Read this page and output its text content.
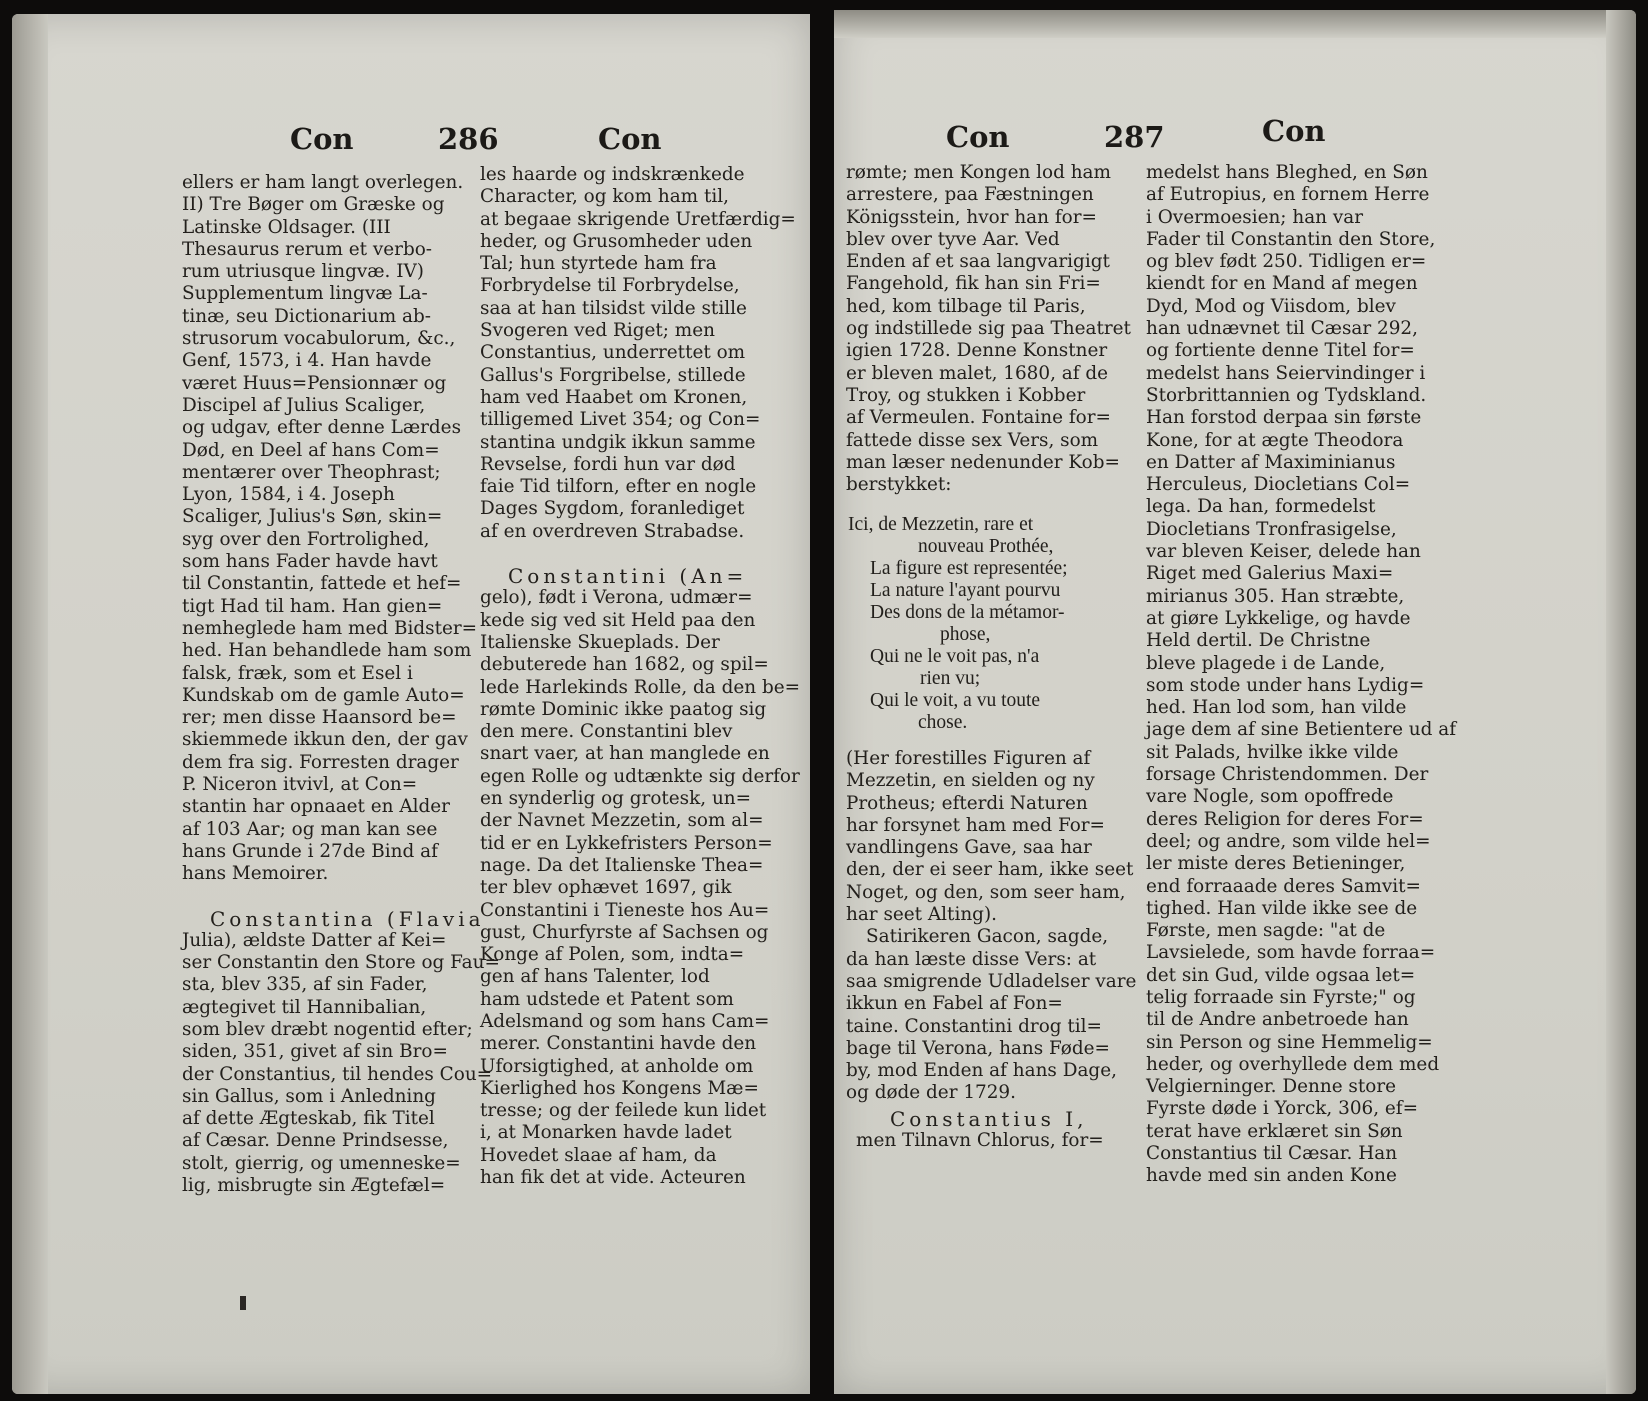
Con	286	Con

ellers er ham langt overlegen.

II) Tre Bøger om Græske og

Latinske Oldsager. (III

Thesaurus rerum et verbo-

rum utriusque lingvæ. IV)

Supplementum lingvæ La-

tinæ, seu Dictionarium ab-

strusorum vocabulorum, &c.,

Genf, 1573, i 4. Han havde

været Huus=Pensionnær og

Discipel af Julius Scaliger,

og udgav, efter denne Lærdes

Død, en Deel af hans Com=

mentærer over Theophrast;

Lyon, 1584, i 4. Joseph

Scaliger, Julius's Søn, skin=

syg over den Fortrolighed,

som hans Fader havde havt

til Constantin, fattede et hef=

tigt Had til ham. Han gien=

nemheglede ham med Bidster=

hed. Han behandlede ham som

falsk, fræk, som et Esel i

Kundskab om de gamle Auto=

rer; men disse Haansord be=

skiemmede ikkun den, der gav

dem fra sig. Forresten drager

P. Niceron itvivl, at Con=

stantin har opnaaet en Alder

af 103 Aar; og man kan see

hans Grunde i 27de Bind af

hans Memoirer.

Constantina (Flavia

Julia), ældste Datter af Kei=

ser Constantin den Store og Fau=

sta, blev 335, af sin Fader,

ægtegivet til Hannibalian,

som blev dræbt nogentid efter;

siden, 351, givet af sin Bro=

der Constantius, til hendes Cou=

sin Gallus, som i Anledning

af dette Ægteskab, fik Titel

af Cæsar. Denne Prindsesse,

stolt, gierrig, og umenneske=

lig, misbrugte sin Ægtefæl=

les haarde og indskrænkede

Character, og kom ham til,

at begaae skrigende Uretfærdig=

heder, og Grusomheder uden

Tal; hun styrtede ham fra

Forbrydelse til Forbrydelse,

saa at han tilsidst vilde stille

Svogeren ved Riget; men

Constantius, underrettet om

Gallus's Forgribelse, stillede

ham ved Haabet om Kronen,

tilligemed Livet 354; og Con=

stantina undgik ikkun samme

Revselse, fordi hun var død

faie Tid tilforn, efter en nogle

Dages Sygdom, foranlediget

af en overdreven Strabadse.

Constantini (An=

gelo), født i Verona, udmær=

kede sig ved sit Held paa den

Italienske Skueplads. Der

debuterede han 1682, og spil=

lede Harlekinds Rolle, da den be=

rømte Dominic ikke paatog sig

den mere. Constantini blev

snart vaer, at han manglede en

egen Rolle og udtænkte sig derfor

en synderlig og grotesk, un=

der Navnet Mezzetin, som al=

tid er en Lykkefristers Person=

nage. Da det Italienske Thea=

ter blev ophævet 1697, gik

Constantini i Tieneste hos Au=

gust, Churfyrste af Sachsen og

Konge af Polen, som, indta=

gen af hans Talenter, lod

ham udstede et Patent som

Adelsmand og som hans Cam=

merer. Constantini havde den

Uforsigtighed, at anholde om

Kierlighed hos Kongens Mæ=

tresse; og der feilede kun lidet

i, at Monarken havde ladet

Hovedet slaae af ham, da

han fik det at vide. Acteuren

Con	287	Con

rømte; men Kongen lod ham

arrestere, paa Fæstningen

Königsstein, hvor han for=

blev over tyve Aar. Ved

Enden af et saa langvarigigt

Fangehold, fik han sin Fri=

hed, kom tilbage til Paris,

og indstillede sig paa Theatret

igien 1728. Denne Konstner

er bleven malet, 1680, af de

Troy, og stukken i Kobber

af Vermeulen. Fontaine for=

fattede disse sex Vers, som

man læser nedenunder Kob=

berstykket:

Ici, de Mezzetin, rare et

nouveau Prothée,

La figure est representée;

La nature l'ayant pourvu

Des dons de la métamor-

phose,

Qui ne le voit pas, n'a

rien vu;

Qui le voit, a vu toute

chose.

(Her forestilles Figuren af

Mezzetin, en sielden og ny

Protheus; efterdi Naturen

har forsynet ham med For=

vandlingens Gave, saa har

den, der ei seer ham, ikke seet

Noget, og den, som seer ham,

har seet Alting).

Satirikeren Gacon, sagde,

da han læste disse Vers: at

saa smigrende Udladelser vare

ikkun en Fabel af Fon=

taine. Constantini drog til=

bage til Verona, hans Føde=

by, mod Enden af hans Dage,

og døde der 1729.

Constantius I,

men Tilnavn Chlorus, for=

medelst hans Bleghed, en Søn

af Eutropius, en fornem Herre

i Overmoesien; han var

Fader til Constantin den Store,

og blev født 250. Tidligen er=

kiendt for en Mand af megen

Dyd, Mod og Viisdom, blev

han udnævnet til Cæsar 292,

og fortiente denne Titel for=

medelst hans Seiervindinger i

Storbrittannien og Tydskland.

Han forstod derpaa sin første

Kone, for at ægte Theodora

en Datter af Maximinianus

Herculeus, Diocletians Col=

lega. Da han, formedelst

Diocletians Tronfrasigelse,

var bleven Keiser, delede han

Riget med Galerius Maxi=

mirianus 305. Han stræbte,

at giøre Lykkelige, og havde

Held dertil. De Christne

bleve plagede i de Lande,

som stode under hans Lydig=

hed. Han lod som, han vilde

jage dem af sine Betientere ud af

sit Palads, hvilke ikke vilde

forsage Christendommen. Der

vare Nogle, som opoffrede

deres Religion for deres For=

deel; og andre, som vilde hel=

ler miste deres Betieninger,

end forraaade deres Samvit=

tighed. Han vilde ikke see de

Første, men sagde: "at de

Lavsielede, som havde forraa=

det sin Gud, vilde ogsaa let=

telig forraade sin Fyrste;" og

til de Andre anbetroede han

sin Person og sine Hemmelig=

heder, og overhyllede dem med

Velgierninger. Denne store

Fyrste døde i Yorck, 306, ef=

terat have erklæret sin Søn

Constantius til Cæsar. Han

havde med sin anden Kone
